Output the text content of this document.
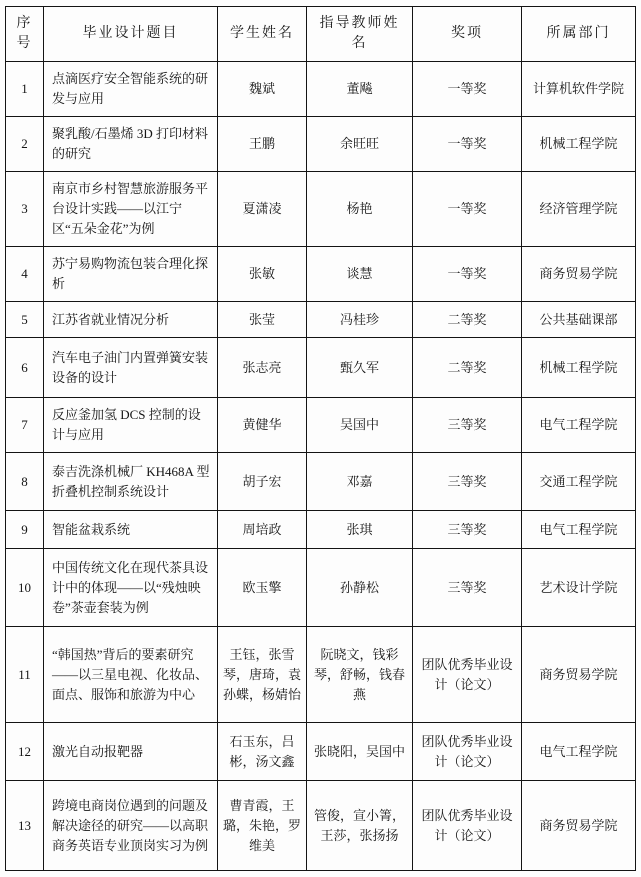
序号	毕业设计题目	学生姓名	指导教师姓名	奖项	所属部门
1	点滴医疗安全智能系统的研发与应用	魏斌	董飚	一等奖	计算机软件学院
2	聚乳酸/石墨烯 3D 打印材料的研究	王鹏	余旺旺	一等奖	机械工程学院
3	南京市乡村智慧旅游服务平台设计实践——以江宁区“五朵金花”为例	夏潇凌	杨艳	一等奖	经济管理学院
4	苏宁易购物流包装合理化探析	张敏	谈慧	一等奖	商务贸易学院
5	江苏省就业情况分析	张莹	冯桂珍	二等奖	公共基础课部
6	汽车电子油门内置弹簧安装设备的设计	张志亮	甄久军	二等奖	机械工程学院
7	反应釜加氢 DCS 控制的设计与应用	黄健华	吴国中	三等奖	电气工程学院
8	泰吉洗涤机械厂 KH468A 型折叠机控制系统设计	胡子宏	邓嘉	三等奖	交通工程学院
9	智能盆栽系统	周培政	张琪	三等奖	电气工程学院
10	中国传统文化在现代茶具设计中的体现——以“残烛映卷”茶壶套装为例	欧玉擎	孙静松	三等奖	艺术设计学院
11	“韩国热”背后的要素研究——以三星电视、化妆品、面点、服饰和旅游为中心	王钰，张雪琴，唐琦，袁孙蝶，杨婧怡	阮晓文，钱彩琴，舒畅，钱春燕	团队优秀毕业设计（论文）	商务贸易学院
12	激光自动报靶器	石玉东，吕彬，汤文鑫	张晓阳，吴国中	团队优秀毕业设计（论文）	电气工程学院
13	跨境电商岗位遇到的问题及解决途径的研究——以高职商务英语专业顶岗实习为例	曹青霞，王璐，朱艳，罗维美	管俊，宣小箐，王莎，张扬扬	团队优秀毕业设计（论文）	商务贸易学院
